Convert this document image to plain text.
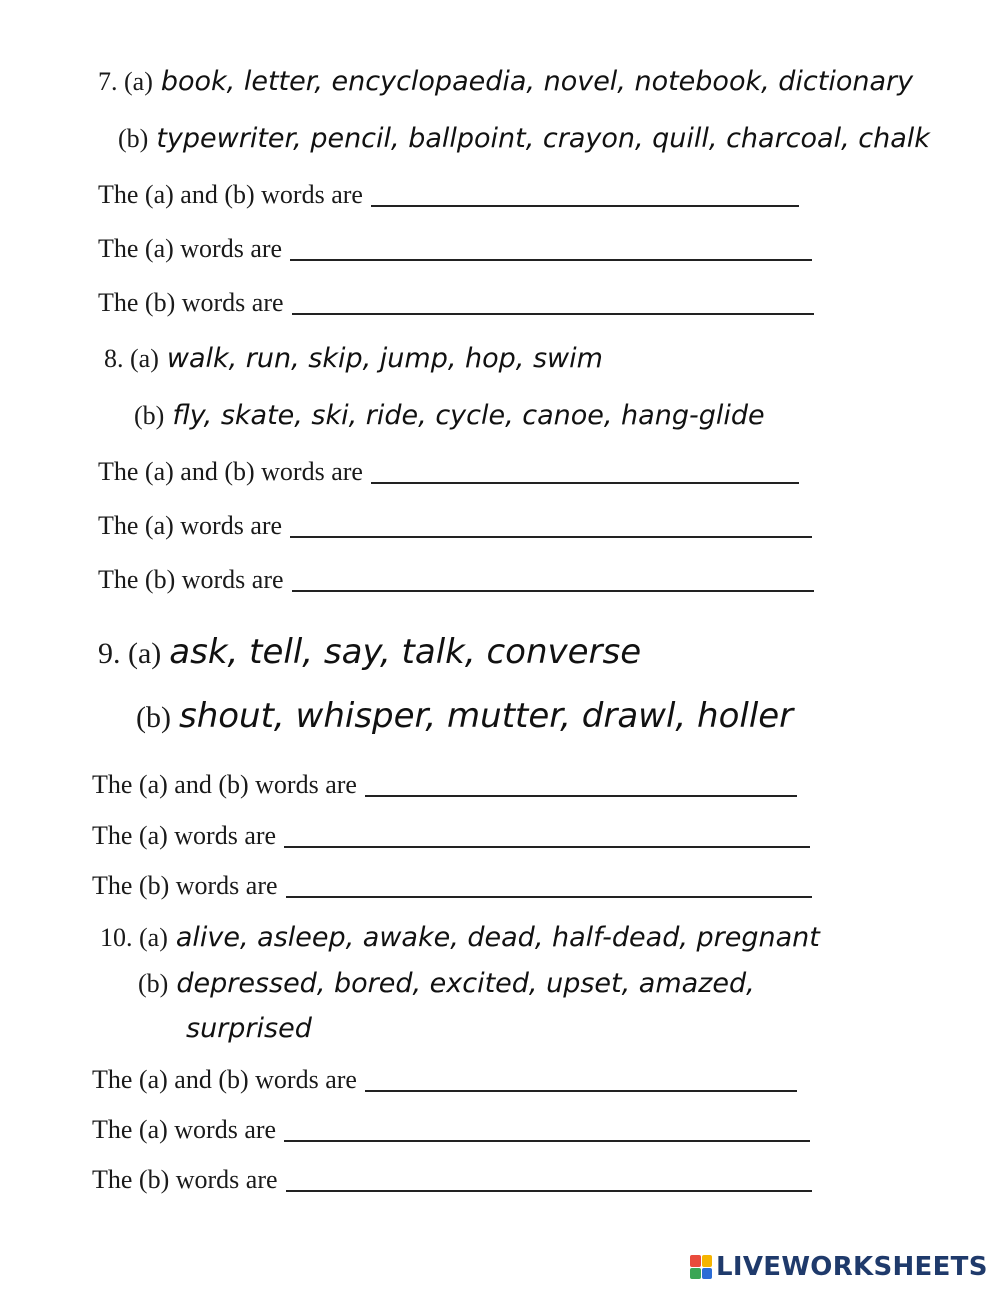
7. (a) book, letter, encyclopaedia, novel, notebook, dictionary
(b) typewriter, pencil, ballpoint, crayon, quill, charcoal, chalk
The (a) and (b) words are
The (a) words are
The (b) words are
8. (a) walk, run, skip, jump, hop, swim
(b) fly, skate, ski, ride, cycle, canoe, hang-glide
The (a) and (b) words are
The (a) words are
The (b) words are
9. (a) ask, tell, say, talk, converse
(b) shout, whisper, mutter, drawl, holler
The (a) and (b) words are
The (a) words are
The (b) words are
10. (a) alive, asleep, awake, dead, half-dead, pregnant
(b) depressed, bored, excited, upset, amazed,
surprised
The (a) and (b) words are
The (a) words are
The (b) words are
LIVEWORKSHEETS
